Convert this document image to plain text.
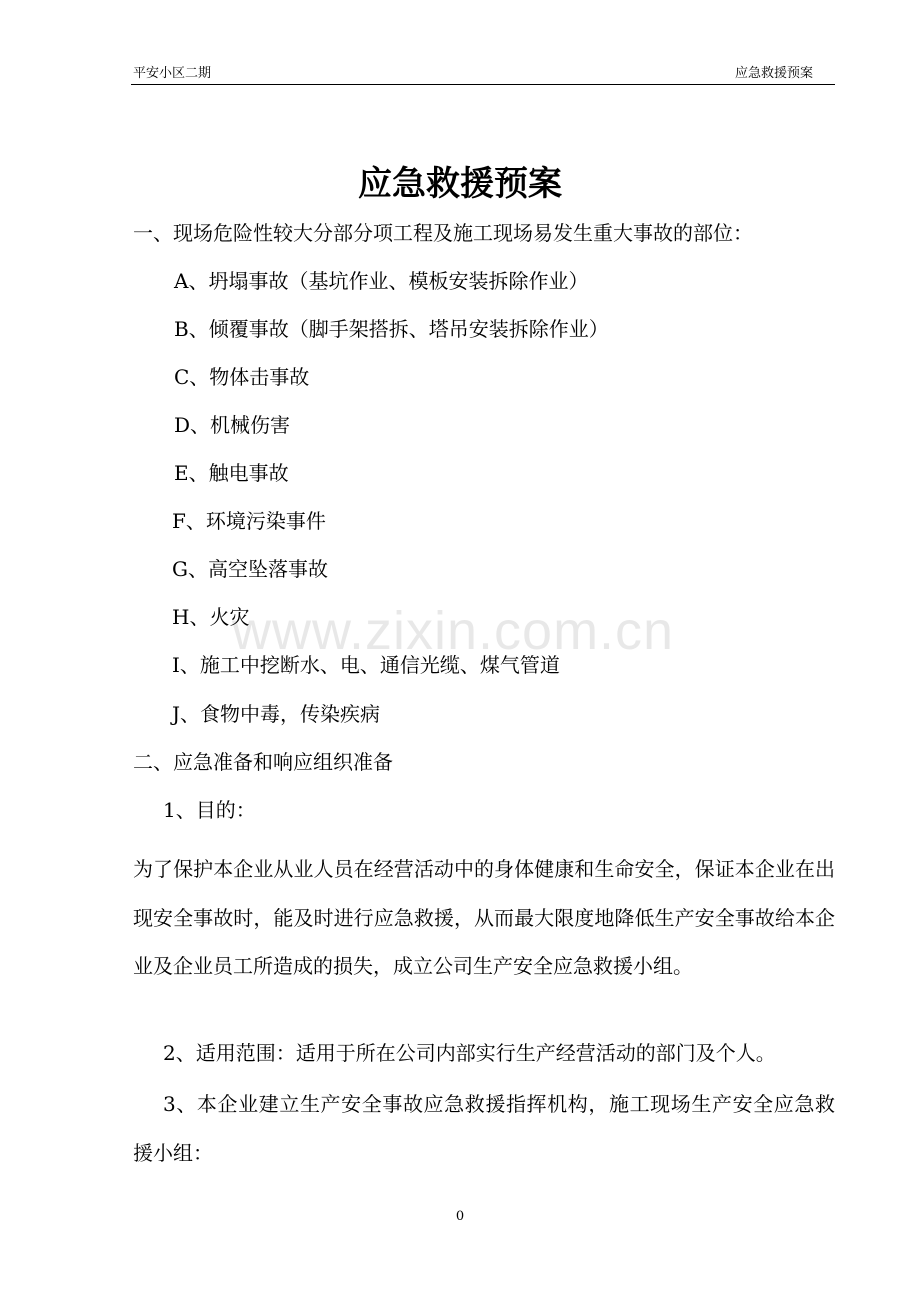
平安小区二期	应急救援预案
应急救援预案
一、现场危险性较大分部分项工程及施工现场易发生重大事故的部位：
A、坍塌事故（基坑作业、模板安装拆除作业）
B、倾覆事故（脚手架搭拆、塔吊安装拆除作业）
C、物体击事故
D、机械伤害
E、触电事故
F、环境污染事件
G、高空坠落事故
H、火灾
I、施工中挖断水、电、通信光缆、煤气管道
J、食物中毒，传染疾病
二、应急准备和响应组织准备
1、目的：
为了保护本企业从业人员在经营活动中的身体健康和生命安全，保证本企业在出现安全事故时，能及时进行应急救援，从而最大限度地降低生产安全事故给本企业及企业员工所造成的损失，成立公司生产安全应急救援小组。
2、适用范围：适用于所在公司内部实行生产经营活动的部门及个人。
3、本企业建立生产安全事故应急救援指挥机构，施工现场生产安全应急救援小组：
www.zixin.com.cn
0
